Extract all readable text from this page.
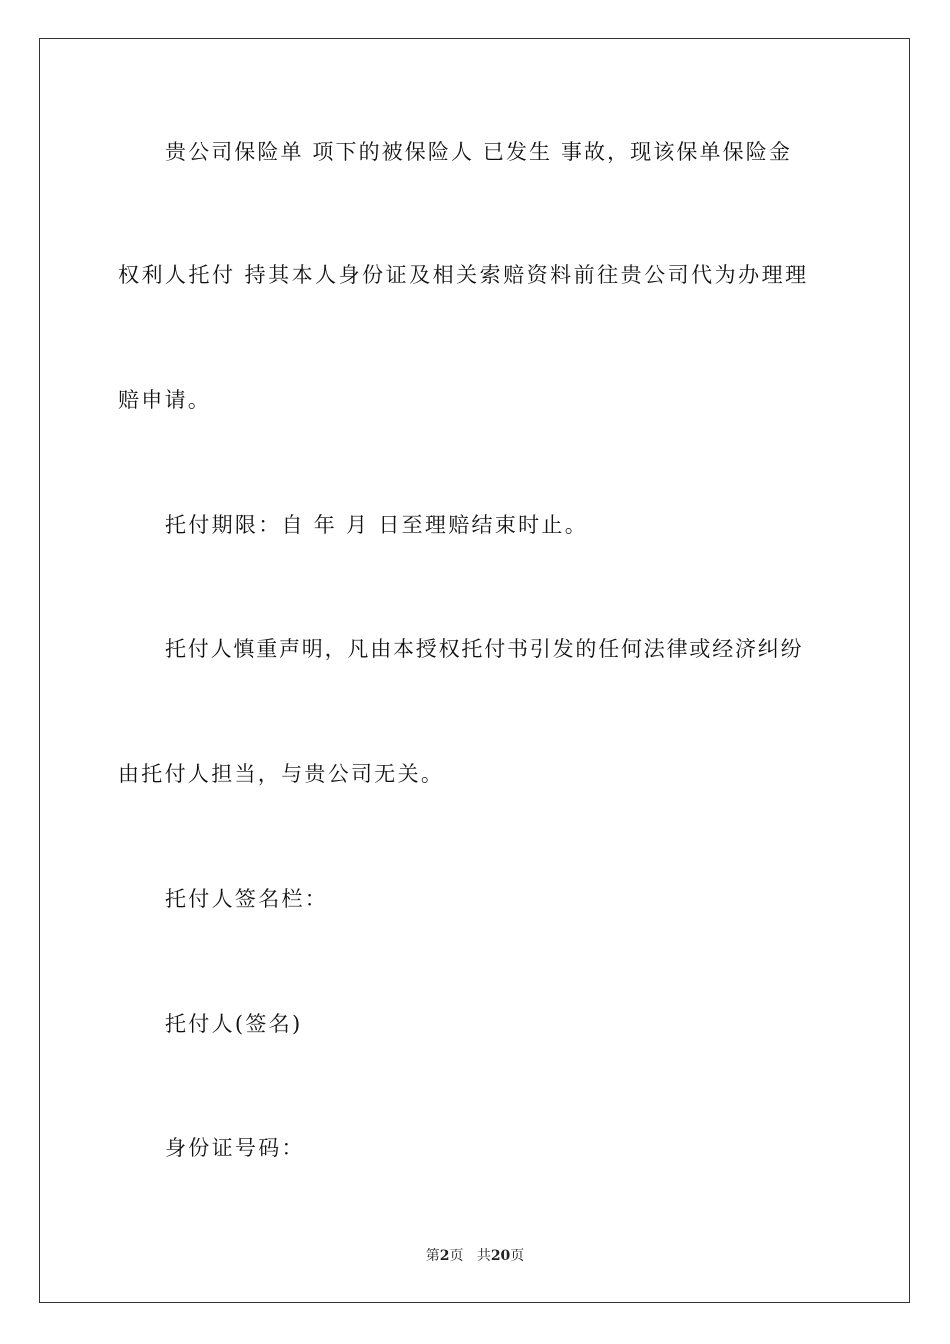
贵公司保险单 项下的被保险人 已发生 事故，现该保单保险金
权利人托付 持其本人身份证及相关索赔资料前往贵公司代为办理理
赔申请。
托付期限：自 年 月 日至理赔结束时止。
托付人慎重声明，凡由本授权托付书引发的任何法律或经济纠纷
由托付人担当，与贵公司无关。
托付人签名栏：
托付人(签名)
身份证号码：
第2页 共20页
